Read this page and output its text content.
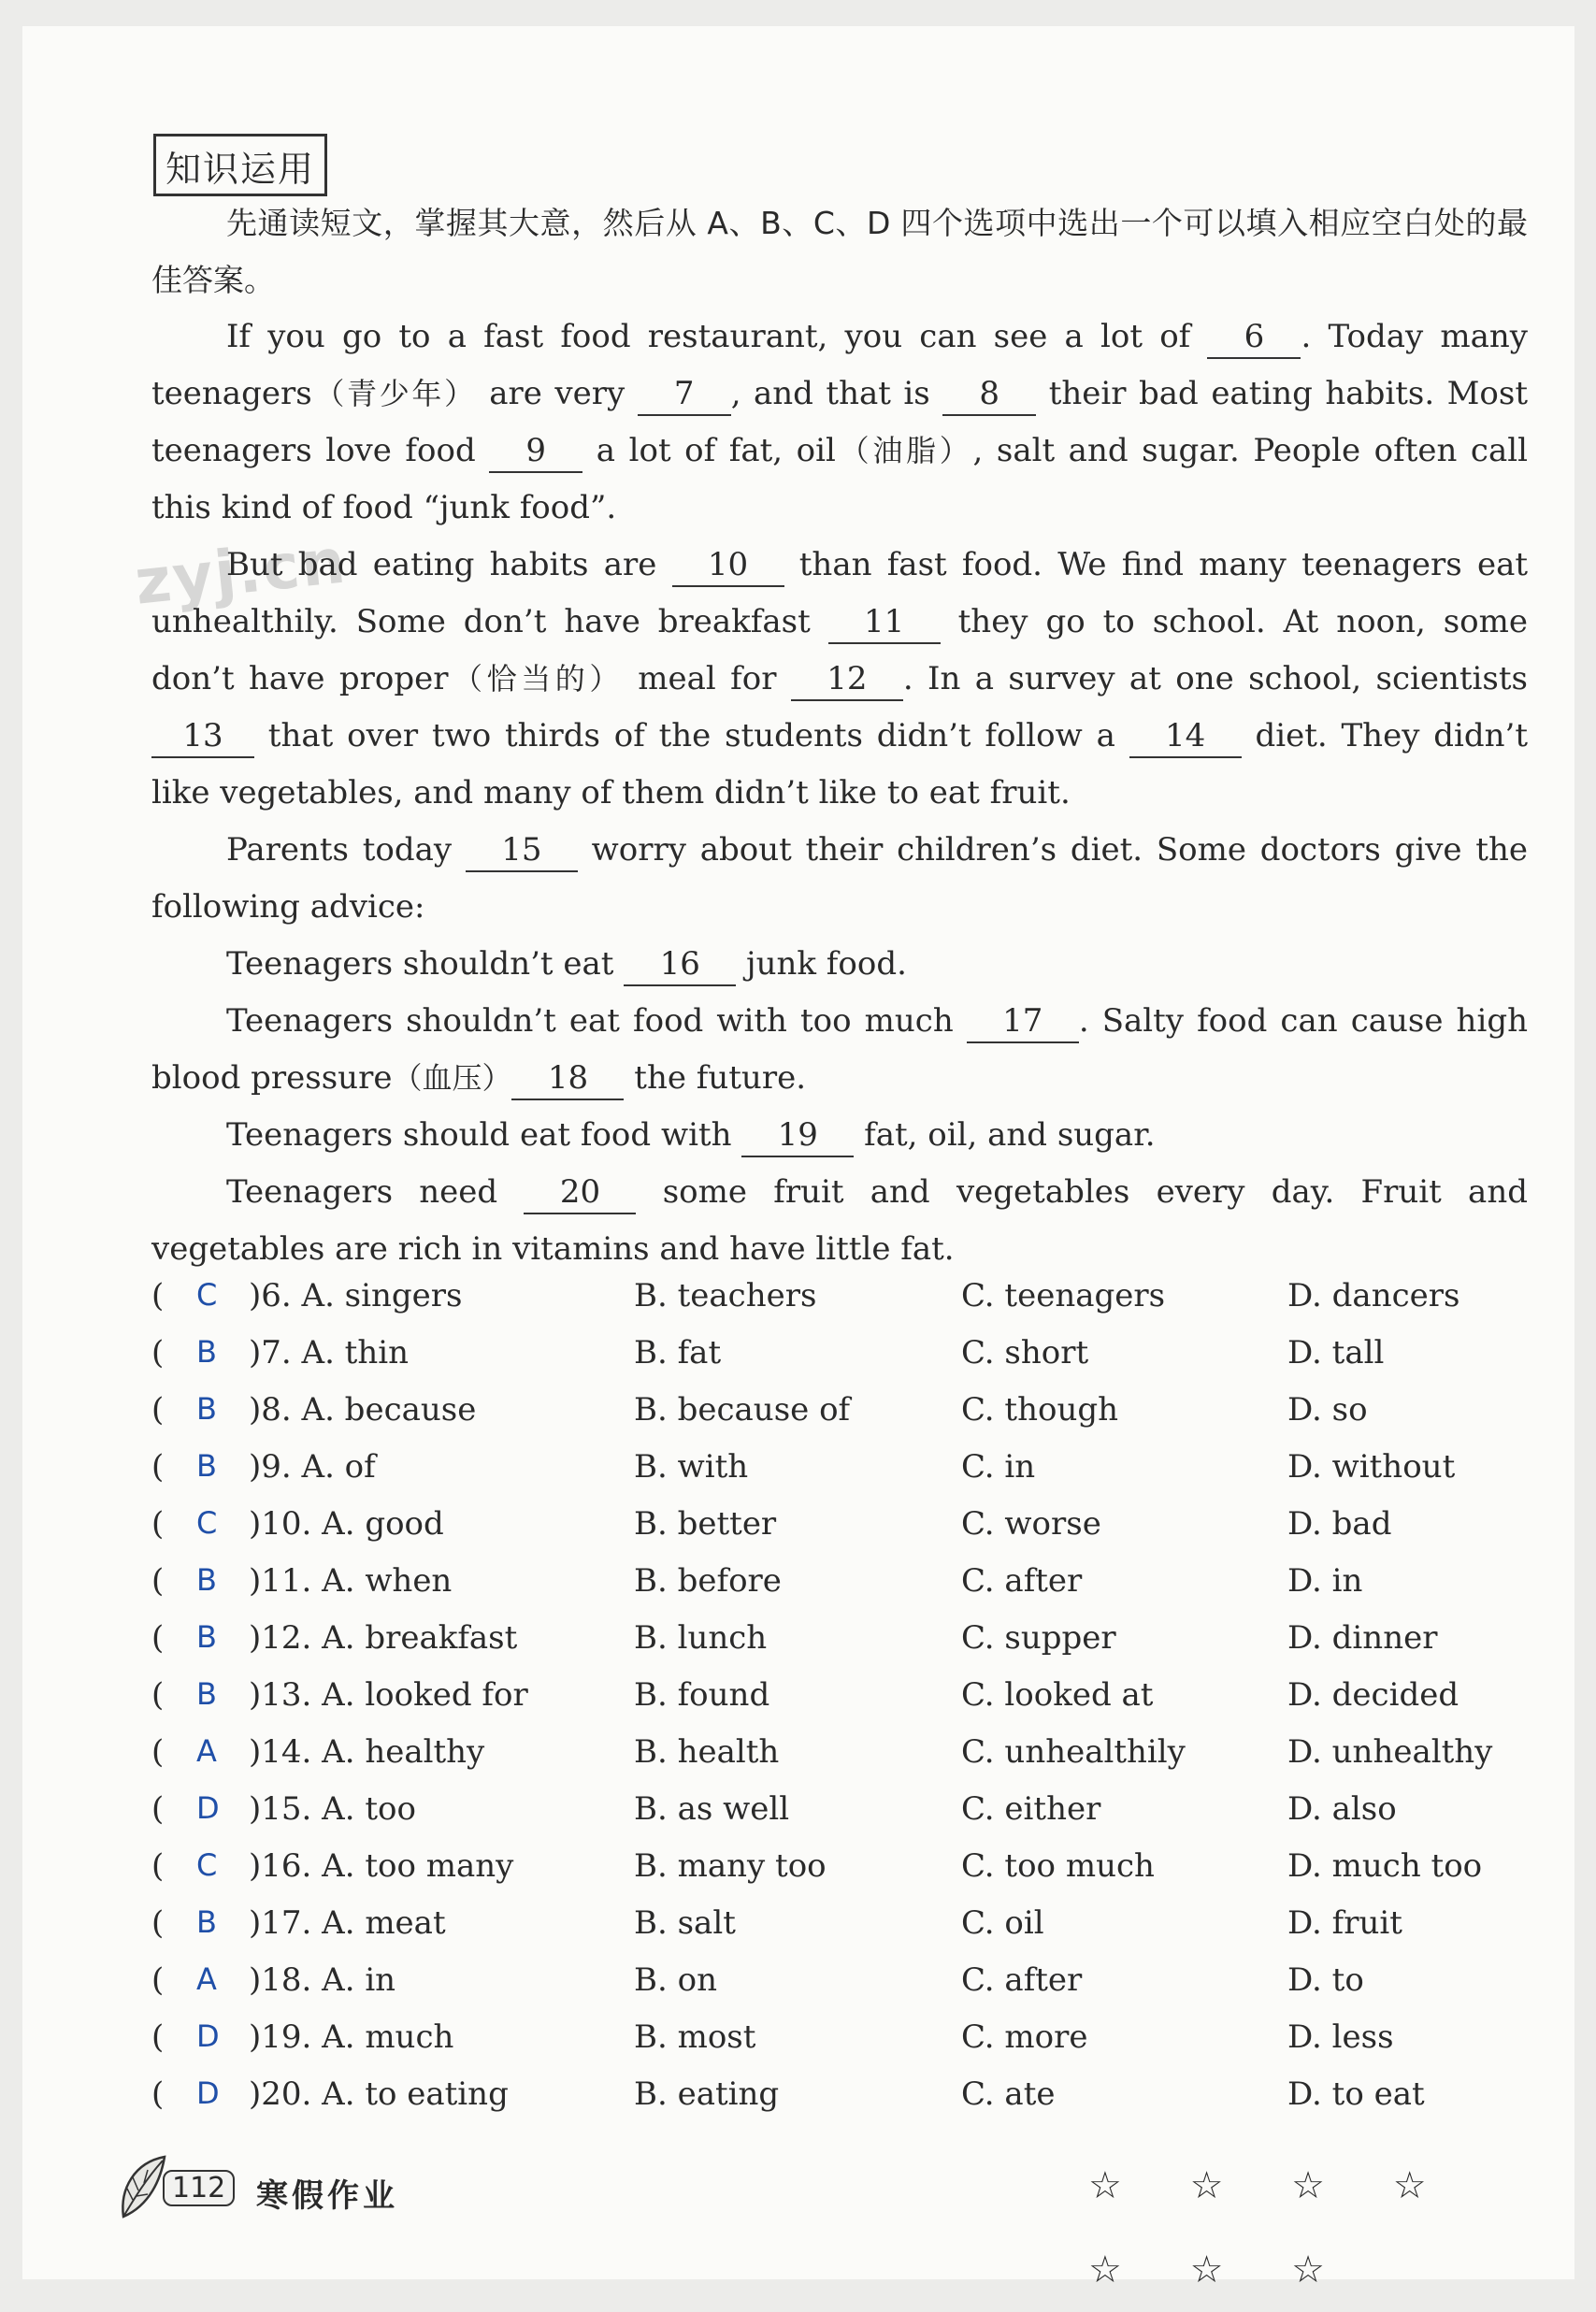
知识运用
zyj.cn

先通读短文，掌握其大意，然后从 A、B、C、D 四个选项中选出一个可以填入相应空白处的最佳答案。

If you go to a fast food restaurant, you can see a lot of 6 . Today many teenagers（青少年） are very 7 , and that is 8 their bad eating habits. Most teenagers love food 9 a lot of fat, oil（油脂）, salt and sugar. People often call this kind of food “junk food”.

But bad eating habits are 10 than fast food. We find many teenagers eat unhealthily. Some don’t have breakfast 11 they go to school. At noon, some don’t have proper（恰当的） meal for 12 . In a survey at one school, scientists 13 that over two thirds of the students didn’t follow a 14 diet. They didn’t like vegetables, and many of them didn’t like to eat fruit.

Parents today 15 worry about their children’s diet. Some doctors give the following advice:

Teenagers shouldn’t eat 16 junk food.

Teenagers shouldn’t eat food with too much 17 . Salty food can cause high blood pressure（血压） 18 the future.

Teenagers should eat food with 19 fat, oil, and sugar.

Teenagers need 20 some fruit and vegetables every day. Fruit and vegetables are rich in vitamins and have little fat.

( C )6. A. singers	B. teachers	C. teenagers	D. dancers
( B )7. A. thin	B. fat	C. short	D. tall
( B )8. A. because	B. because of	C. though	D. so
( B )9. A. of	B. with	C. in	D. without
( C )10. A. good	B. better	C. worse	D. bad
( B )11. A. when	B. before	C. after	D. in
( B )12. A. breakfast	B. lunch	C. supper	D. dinner
( B )13. A. looked for	B. found	C. looked at	D. decided
( A )14. A. healthy	B. health	C. unhealthily	D. unhealthy
( D )15. A. too	B. as well	C. either	D. also
( C )16. A. too many	B. many too	C. too much	D. much too
( B )17. A. meat	B. salt	C. oil	D. fruit
( A )18. A. in	B. on	C. after	D. to
( D )19. A. much	B. most	C. more	D. less
( D )20. A. to eating	B. eating	C. ate	D. to eat
112 寒假作业	☆ ☆ ☆ ☆ ☆ ☆ ☆
